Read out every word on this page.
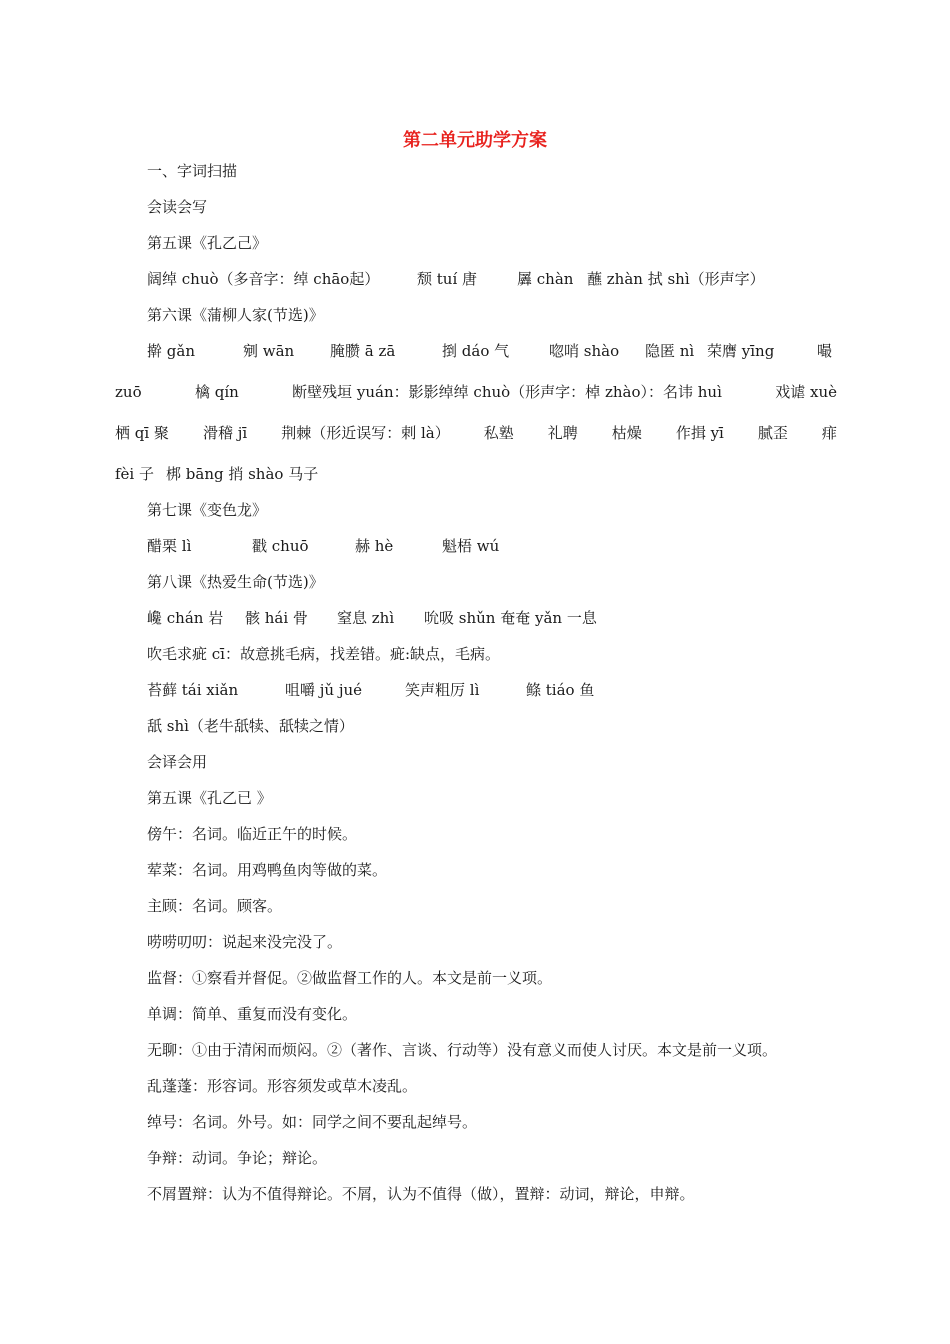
第二单元助学方案
一、字词扫描
会读会写
第五课《孔乙己》
阔绰 chuò（多音字：绰 chāo起）	颓 tuí 唐	羼 chàn 蘸 zhàn 拭 shì（形声字）
第六课《蒲柳人家(节选)》
擀 gǎn	剜 wān	腌臜 ā zā	捯 dáo 气	唿哨 shào	隐匿 nì 荣膺 yīng	嘬
zuō	檎 qín	断壁残垣 yuán：影影绰绰 chuò（形声字：棹 zhào）：名讳 huì	戏谑 xuè
栖 qī 聚 滑稽 jī 荆棘（形近误写：剌 là） 私塾 礼聘 枯燥 作揖 yī 腻歪 痱
fèi 子 梆 bāng 捎 shào 马子
第七课《变色龙》
醋栗 lì	戳 chuō	赫 hè	魁梧 wú
第八课《热爱生命(节选)》
巉 chán 岩	骸 hái 骨	窒息 zhì	吮吸 shǔn 奄奄 yǎn 一息
吹毛求疵 cī：故意挑毛病，找差错。疵:缺点，毛病。
苔藓 tái xiǎn	咀嚼 jǔ jué	笑声粗厉 lì	鲦 tiáo 鱼
舐 shì（老牛舐犊、舐犊之情）
会译会用
第五课《孔乙已 》
傍午：名词。临近正午的时候。
荤菜：名词。用鸡鸭鱼肉等做的菜。
主顾：名词。顾客。
唠唠叨叨：说起来没完没了。
监督：①察看并督促。②做监督工作的人。本文是前一义项。
单调：简单、重复而没有变化。
无聊：①由于清闲而烦闷。②（著作、言谈、行动等）没有意义而使人讨厌。本文是前一义项。
乱蓬蓬：形容词。形容须发或草木凌乱。
绰号：名词。外号。如：同学之间不要乱起绰号。
争辩：动词。争论；辩论。
不屑置辩：认为不值得辩论。不屑，认为不值得（做），置辩：动词，辩论，申辩。
